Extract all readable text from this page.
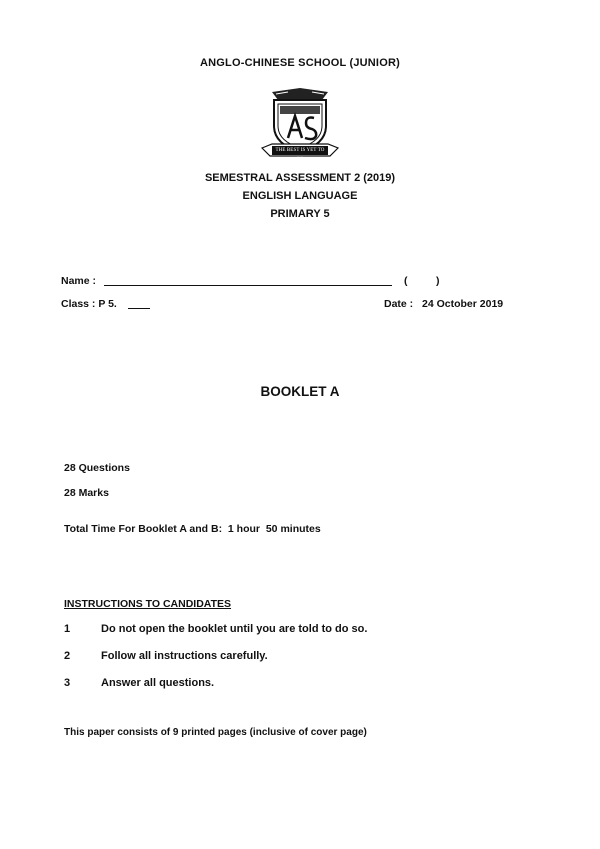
ANGLO-CHINESE SCHOOL (JUNIOR)
THE BEST IS YET TO BE
SEMESTRAL ASSESSMENT 2 (2019)
ENGLISH LANGUAGE
PRIMARY 5
Name :	(	)
Class : P 5.	Date : 24 October 2019
BOOKLET A
28 Questions
28 Marks
Total Time For Booklet A and B:  1 hour  50 minutes
INSTRUCTIONS TO CANDIDATES
1	Do not open the booklet until you are told to do so.
2	Follow all instructions carefully.
3	Answer all questions.
This paper consists of 9 printed pages (inclusive of cover page)
